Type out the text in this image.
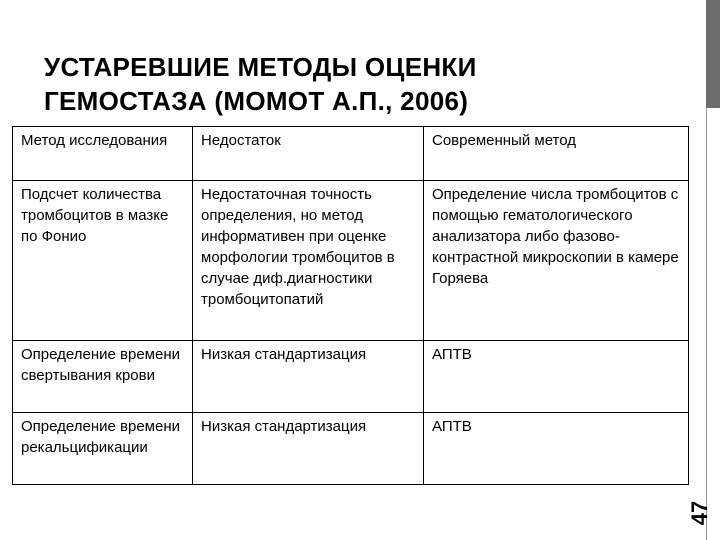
УСТАРЕВШИЕ МЕТОДЫ ОЦЕНКИ
ГЕМОСТАЗА (МОМОТ А.П., 2006)
Метод исследования	Недостаток	Современный метод
Подсчет количества тромбоцитов в мазке по Фонио	Недостаточная точность определения, но метод информативен при оценке морфологии тромбоцитов в случае диф.диагностики тромбоцитопатий	Определение числа тромбоцитов с помощью гематологического анализатора либо фазово-контрастной микроскопии в камере Горяева
Определение времени свертывания крови	Низкая стандартизация	АПТВ
Определение времени рекальцификации	Низкая стандартизация	АПТВ
47
